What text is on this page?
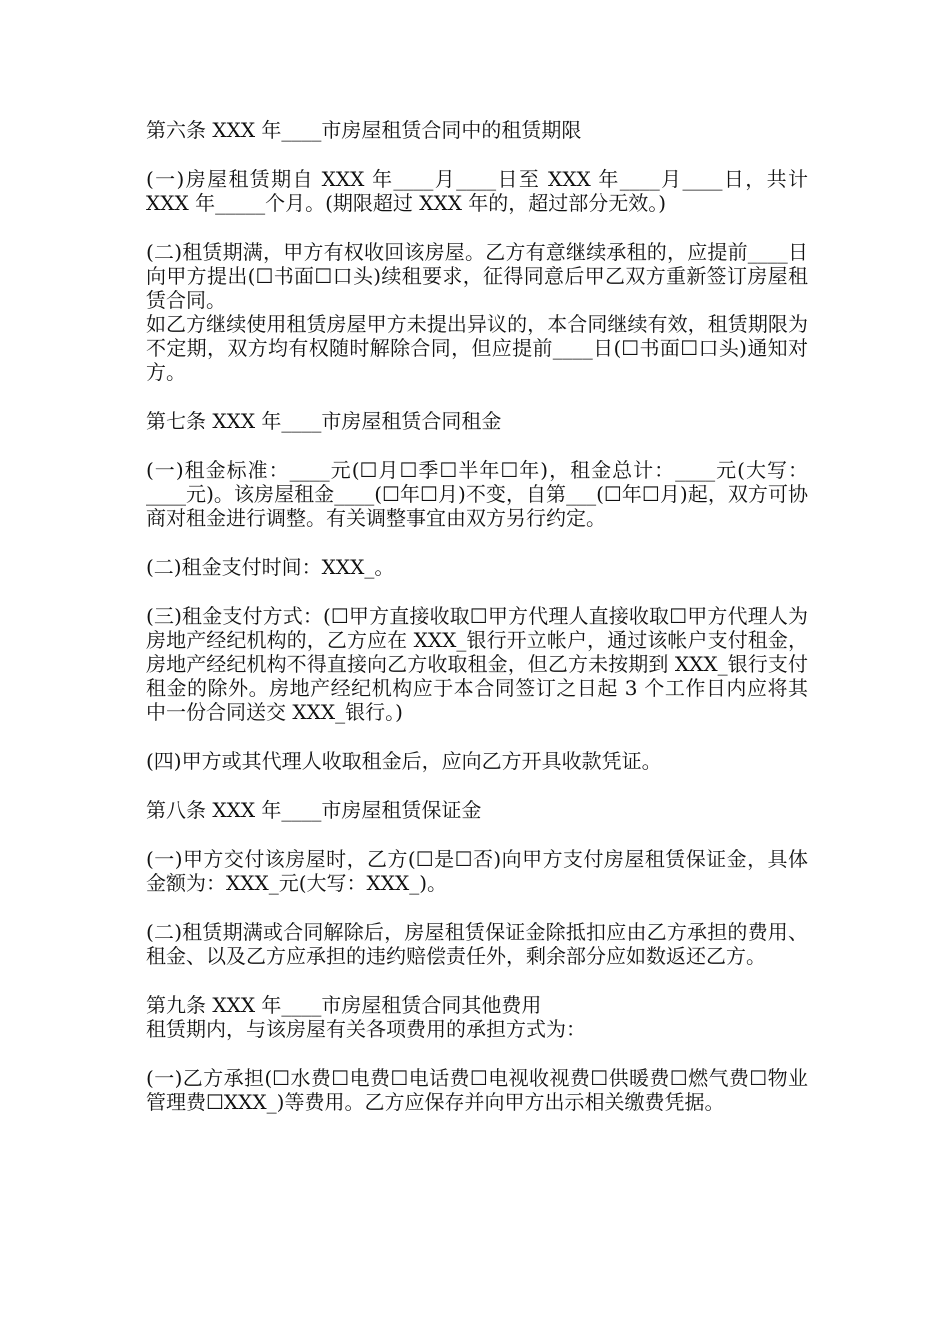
第六条 XXX 年____市房屋租赁合同中的租赁期限

(一)房屋租赁期自 XXX 年____月____日至 XXX 年____月____日，共计 XXX 年_____个月。(期限超过 XXX 年的，超过部分无效。)

(二)租赁期满，甲方有权收回该房屋。乙方有意继续承租的，应提前____日向甲方提出(☐书面☐口头)续租要求，征得同意后甲乙双方重新签订房屋租赁合同。

如乙方继续使用租赁房屋甲方未提出异议的，本合同继续有效，租赁期限为不定期，双方均有权随时解除合同，但应提前____日(☐书面☐口头)通知对方。

第七条 XXX 年____市房屋租赁合同租金

(一)租金标准：____元(☐月☐季☐半年☐年)，租金总计：____元(大写：____元)。该房屋租金____(☐年☐月)不变，自第___(☐年☐月)起，双方可协商对租金进行调整。有关调整事宜由双方另行约定。

(二)租金支付时间：XXX_。

(三)租金支付方式：(☐甲方直接收取☐甲方代理人直接收取☐甲方代理人为房地产经纪机构的，乙方应在 XXX_银行开立帐户，通过该帐户支付租金，房地产经纪机构不得直接向乙方收取租金，但乙方未按期到 XXX_银行支付租金的除外。房地产经纪机构应于本合同签订之日起 3 个工作日内应将其中一份合同送交 XXX_银行。)

(四)甲方或其代理人收取租金后，应向乙方开具收款凭证。

第八条 XXX 年____市房屋租赁保证金

(一)甲方交付该房屋时，乙方(☐是☐否)向甲方支付房屋租赁保证金，具体金额为：XXX_元(大写：XXX_)。

(二)租赁期满或合同解除后，房屋租赁保证金除抵扣应由乙方承担的费用、租金、以及乙方应承担的违约赔偿责任外，剩余部分应如数返还乙方。

第九条 XXX 年____市房屋租赁合同其他费用

租赁期内，与该房屋有关各项费用的承担方式为：

(一)乙方承担(☐水费☐电费☐电话费☐电视收视费☐供暖费☐燃气费☐物业管理费☐XXX_)等费用。乙方应保存并向甲方出示相关缴费凭据。
